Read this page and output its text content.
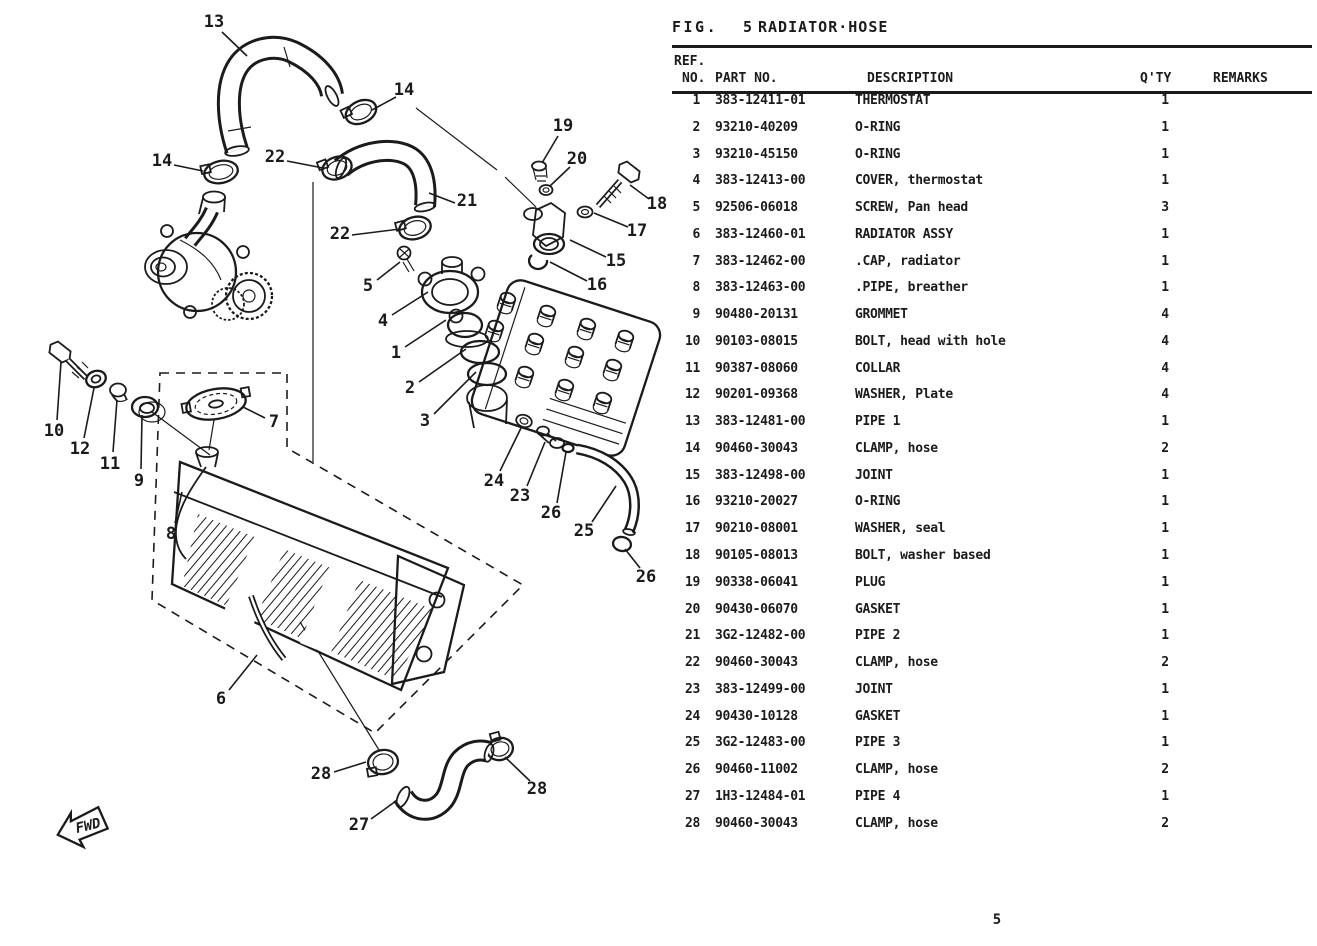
FWD
13
14
22
14
21
22
19
20
18
17
15
16
5
4
1
2
3
24
23
26
25
26
10
12
11
9
7
8
6
28
28
27
FIG. 5 RADIATOR·HOSE
REF.
NO. PART NO.	DESCRIPTION	Q'TY	REMARKS
1	383-12411-01	THERMOSTAT	1
2	93210-40209	O-RING	1
3	93210-45150	O-RING	1
4	383-12413-00	COVER, thermostat	1
5	92506-06018	SCREW, Pan head	3
6	383-12460-01	RADIATOR ASSY	1
7	383-12462-00	.CAP, radiator	1
8	383-12463-00	.PIPE, breather	1
9	90480-20131	GROMMET	4
10	90103-08015	BOLT, head with hole	4
11	90387-08060	COLLAR	4
12	90201-09368	WASHER, Plate	4
13	383-12481-00	PIPE 1	1
14	90460-30043	CLAMP, hose	2
15	383-12498-00	JOINT	1
16	93210-20027	O-RING	1
17	90210-08001	WASHER, seal	1
18	90105-08013	BOLT, washer based	1
19	90338-06041	PLUG	1
20	90430-06070	GASKET	1
21	3G2-12482-00	PIPE 2	1
22	90460-30043	CLAMP, hose	2
23	383-12499-00	JOINT	1
24	90430-10128	GASKET	1
25	3G2-12483-00	PIPE 3	1
26	90460-11002	CLAMP, hose	2
27	1H3-12484-01	PIPE 4	1
28	90460-30043	CLAMP, hose	2
5
